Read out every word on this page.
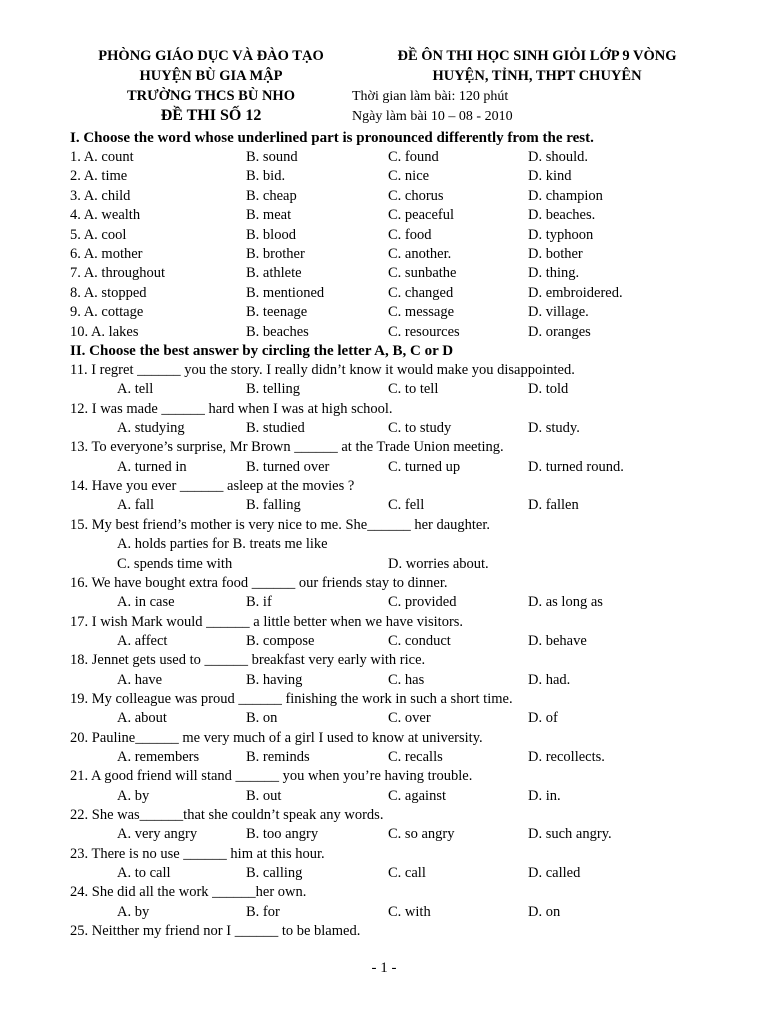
PHÒNG GIÁO DỤC VÀ ĐÀO TẠO
HUYỆN BÙ GIA MẬP
TRƯỜNG THCS BÙ NHO
ĐỀ THI SỐ 12
ĐỀ ÔN THI HỌC SINH GIỎI LỚP 9 VÒNG
HUYỆN, TỈNH, THPT CHUYÊN
Thời gian làm bài: 120 phút
Ngày làm bài 10 – 08 - 2010
I. Choose the word whose underlined part is pronounced differently from the rest.
1. A. count	B. sound	C. found	D. should.
2. A. time	B. bid.	C. nice	D. kind
3. A. child	B. cheap	C. chorus	D. champion
4. A. wealth	B. meat	C. peaceful	D. beaches.
5. A. cool	B. blood	C. food	D. typhoon
6. A. mother	B. brother	C. another.	D. bother
7. A. throughout	B. athlete	C. sunbathe	D. thing.
8. A. stopped	B. mentioned	C. changed	D. embroidered.
9. A. cottage	B. teenage	C. message	D. village.
10. A. lakes	B. beaches	C. resources	D. oranges
II. Choose the best answer by circling the letter A, B, C or D
11. I regret ______ you the story. I really didn’t know it would make you disappointed.
A. tell	B. telling	C. to tell	D. told
12. I was made ______ hard when I was at high school.
A. studying	B. studied	C. to study	D. study.
13. To everyone’s surprise, Mr Brown ______ at the Trade Union meeting.
A. turned in	B. turned over	C. turned up	D. turned round.
14. Have you ever ______ asleep at the movies ?
A. fall	B. falling	C. fell	D. fallen
15. My best friend’s mother is very nice to me. She______ her daughter.
A. holds parties for B. treats me like
C. spends time with	D. worries about.
16. We have bought extra food ______ our friends stay to dinner.
A. in case	B. if	C. provided	D. as long as
17. I wish Mark would ______ a little better when we have visitors.
A. affect	B. compose	C. conduct	D. behave
18. Jennet gets used to ______ breakfast very early with rice.
A. have	B. having	C. has	D. had.
19. My colleague was proud ______ finishing the work in such a short time.
A. about	B. on	C. over	D. of
20. Pauline______ me very much of a girl I used to know at university.
A. remembers	B. reminds	C. recalls	D. recollects.
21. A good friend will stand ______ you when you’re having trouble.
A. by	B. out	C. against	D. in.
22. She was______that she couldn’t speak any words.
A. very angry	B. too angry	C. so angry	D. such angry.
23. There is no use ______ him at this hour.
A. to call	B. calling	C. call	D. called
24. She did all the work ______her own.
A. by	B. for	C. with	D. on
25. Neitther my friend nor I ______ to be blamed.
- 1 -
